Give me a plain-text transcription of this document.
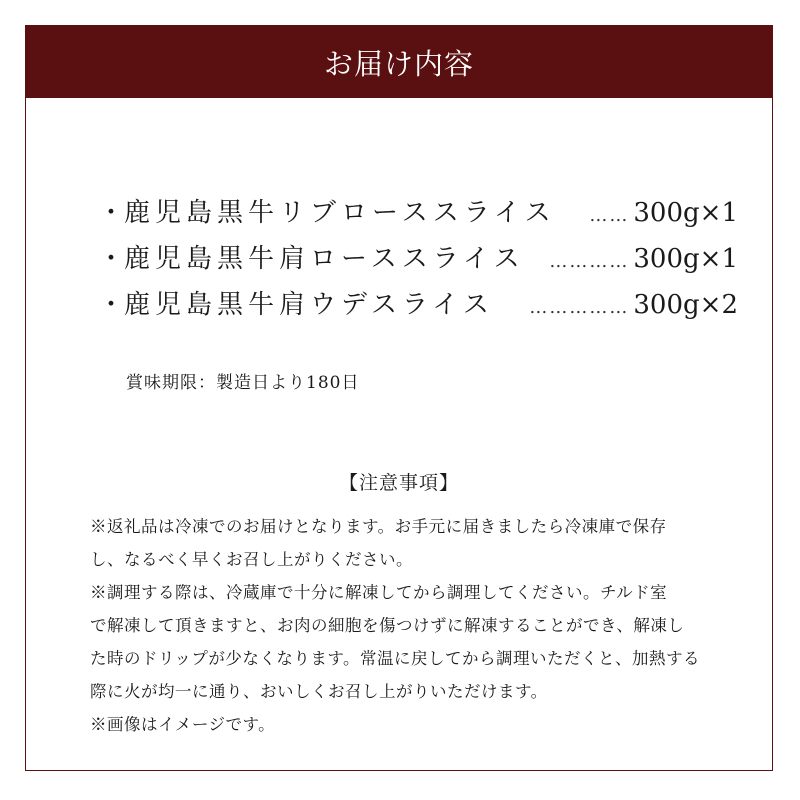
お届け内容
・ 鹿児島黒牛リブローススライス	…… 300g×1
・ 鹿児島黒牛肩ローススライス	………… 300g×1
・ 鹿児島黒牛肩ウデスライス	…………… 300g×2
賞味期限：製造日より180日
【注意事項】

※返礼品は冷凍でのお届けとなります。お手元に届きましたら冷凍庫で保存

し、なるべく早くお召し上がりください。

※調理する際は、冷蔵庫で十分に解凍してから調理してください。チルド室

で解凍して頂きますと、お肉の細胞を傷つけずに解凍することができ、解凍し

た時のドリップが少なくなります。常温に戻してから調理いただくと、加熱する

際に火が均一に通り、おいしくお召し上がりいただけます。

※画像はイメージです。
